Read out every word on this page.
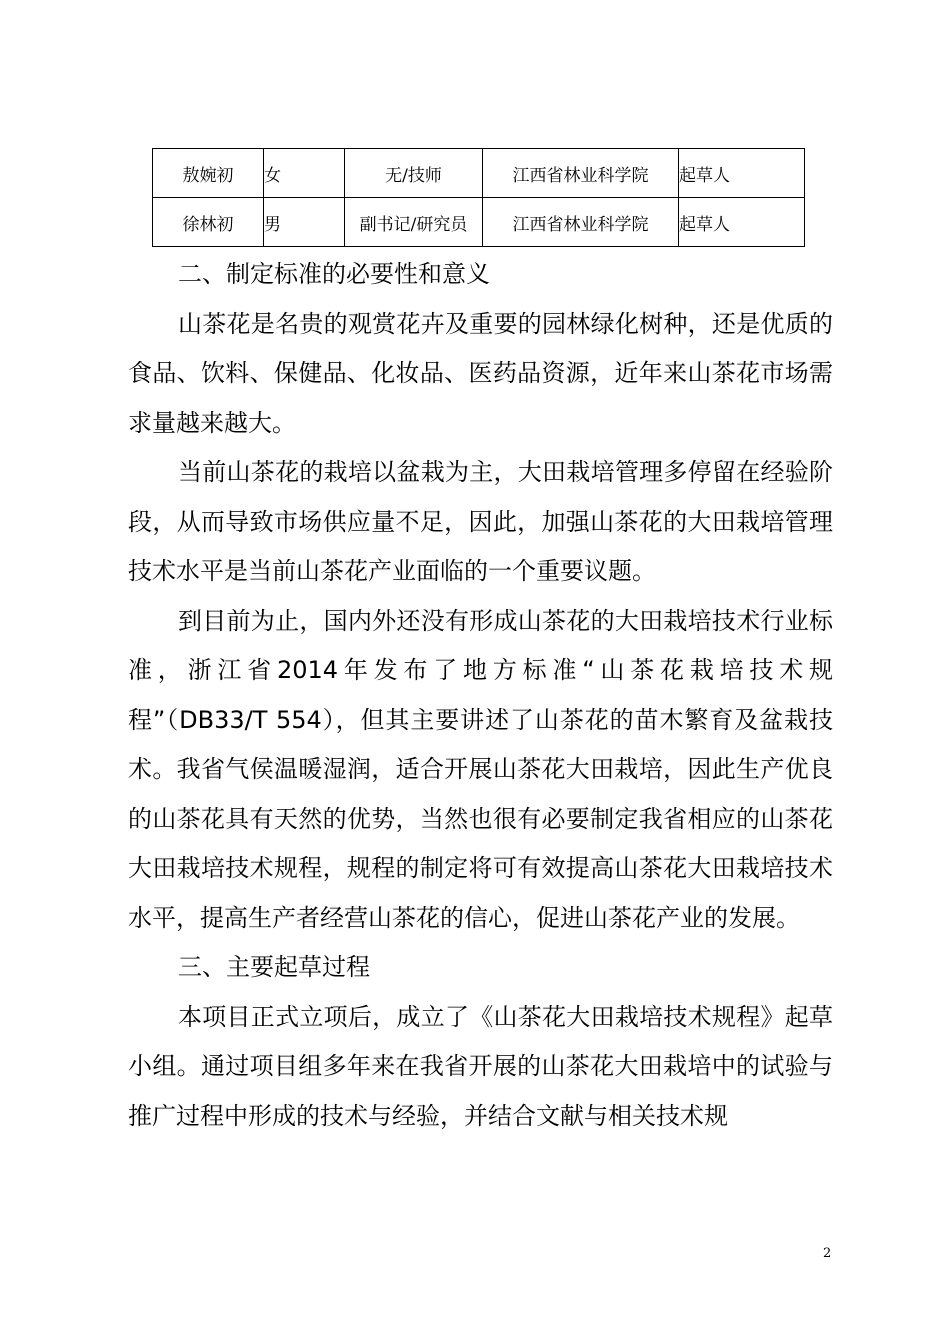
敖婉初	女	无/技师	江西省林业科学院	起草人
徐林初	男	副书记/研究员	江西省林业科学院	起草人

二、制定标准的必要性和意义

山茶花是名贵的观赏花卉及重要的园林绿化树种，还是优质的食品、饮料、保健品、化妆品、医药品资源，近年来山茶花市场需求量越来越大。

当前山茶花的栽培以盆栽为主，大田栽培管理多停留在经验阶段，从而导致市场供应量不足，因此，加强山茶花的大田栽培管理技术水平是当前山茶花产业面临的一个重要议题。

到目前为止，国内外还没有形成山茶花的大田栽培技术行业标准，浙江省2014年发布了地方标准“山茶花栽培技术规程”（DB33/T 554），但其主要讲述了山茶花的苗木繁育及盆栽技术。我省气侯温暖湿润，适合开展山茶花大田栽培，因此生产优良的山茶花具有天然的优势，当然也很有必要制定我省相应的山茶花大田栽培技术规程，规程的制定将可有效提高山茶花大田栽培技术水平，提高生产者经营山茶花的信心，促进山茶花产业的发展。

三、主要起草过程

本项目正式立项后，成立了《山茶花大田栽培技术规程》起草小组。通过项目组多年来在我省开展的山茶花大田栽培中的试验与推广过程中形成的技术与经验，并结合文献与相关技术规

2
